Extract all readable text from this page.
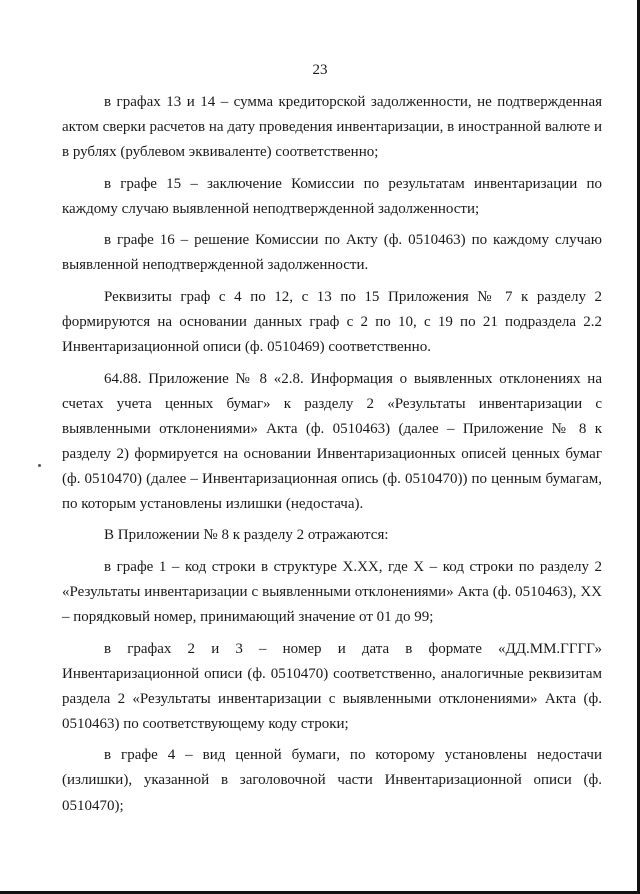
23

в графах 13 и 14 – сумма кредиторской задолженности, не подтвержденная актом сверки расчетов на дату проведения инвентаризации, в иностранной валюте и в рублях (рублевом эквиваленте) соответственно;

в графе 15 – заключение Комиссии по результатам инвентаризации по каждому случаю выявленной неподтвержденной задолженности;

в графе 16 – решение Комиссии по Акту (ф. 0510463) по каждому случаю выявленной неподтвержденной задолженности.

Реквизиты граф с 4 по 12, с 13 по 15 Приложения № 7 к разделу 2 формируются на основании данных граф с 2 по 10, с 19 по 21 подраздела 2.2 Инвентаризационной описи (ф. 0510469) соответственно.

64.88. Приложение № 8 «2.8. Информация о выявленных отклонениях на счетах учета ценных бумаг» к разделу 2 «Результаты инвентаризации с выявленными отклонениями» Акта (ф. 0510463) (далее – Приложение № 8 к разделу 2) формируется на основании Инвентаризационных описей ценных бумаг (ф. 0510470) (далее – Инвентаризационная опись (ф. 0510470)) по ценным бумагам, по которым установлены излишки (недостача).

В Приложении № 8 к разделу 2 отражаются:

в графе 1 – код строки в структуре Х.ХХ, где Х – код строки по разделу 2 «Результаты инвентаризации с выявленными отклонениями» Акта (ф. 0510463), ХХ – порядковый номер, принимающий значение от 01 до 99;

в графах 2 и 3 – номер и дата в формате «ДД.ММ.ГГГГ» Инвентаризационной описи (ф. 0510470) соответственно, аналогичные реквизитам раздела 2 «Результаты инвентаризации с выявленными отклонениями» Акта (ф. 0510463) по соответствующему коду строки;

в графе 4 – вид ценной бумаги, по которому установлены недостачи (излишки), указанной в заголовочной части Инвентаризационной описи (ф. 0510470);
